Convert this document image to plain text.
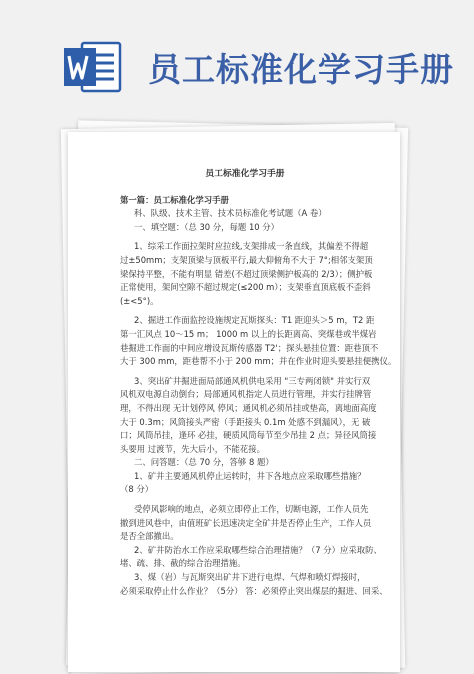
员工标准化学习手册
员工标准化学习手册

第一篇：员工标准化学习手册

科、队级、技术主管、技术员标准化考试题（A 卷）

一、填空题：（总 30 分，每题 10 分）

1、综采工作面拉架时应拉线,支架排成一条直线，其偏差不得超

过±50mm；支架顶梁与顶板平行,最大仰俯角不大于 7°;相邻支架顶

梁保持平整，不能有明显 错差(不超过顶梁侧护板高的 2/3）；侧护板

正常使用，架间空隙不超过规定(≤200 m）；支架垂直顶底板不歪斜

(±<5°)。

2、掘进工作面监控设施规定瓦斯探头：T1 距迎头＞5 m，T2 距

第一汇风点 10～15 m； 1000 m 以上的长距离高、突煤巷或半煤岩

巷掘进工作面的中间应增设瓦斯传感器 T2'；探头悬挂位置：距巷顶不

大于 300 mm，距巷帮不小于 200 mm；并在作业时迎头要悬挂便携仪。

3、突出矿井掘进面局部通风机供电采用 "三专两闭锁" 并实行双

风机双电源自动倒台；局部通风机指定人员进行管理，并实行挂牌管

理，不得出现 无计划停风 停风；通风机必须吊挂或垫高，离地面高度

大于 0.3m；风筒接头严密（手距接头 0.1m 处感不到漏风），无 破

口；风筒吊挂，逢环 必挂，硬质风筒每节至少吊挂 2 点；异径风筒接

头要用 过渡节，先大后小，不能花接。

二、问答题：（总 70 分，答够 8 题）

1、矿井主要通风机停止运转时，井下各地点应采取哪些措施？

（8 分）

受停风影响的地点，必须立即停止工作，切断电源，工作人员先

撤到进风巷中，由值班矿长迅速决定全矿井是否停止生产，工作人员

是否全部撤出。

2、矿井防治水工作应采取哪些综合治理措施？（7 分）应采取防、

堵、疏、排、截的综合治理措施。

3、煤（岩）与瓦斯突出矿井下进行电焊、气焊和喷灯焊接时，

必须采取停止什么作业？（5分） 答：必须停止突出煤层的掘进、回采、
